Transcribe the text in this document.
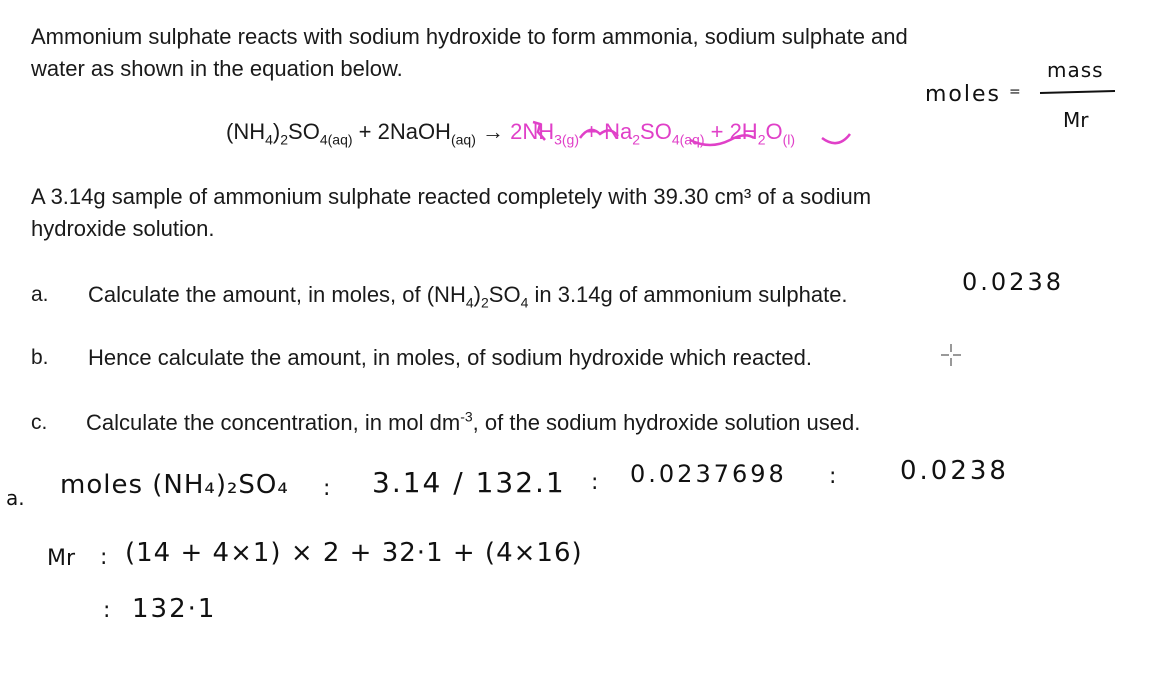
Ammonium sulphate reacts with sodium hydroxide to form ammonia, sodium sulphate and
water as shown in the equation below.
$(NH_4)_2SO_{4(aq)}$ + 2NaOH$_{(aq)}$ → $2NH_{3(g)} + Na_2SO_{4(aq)} + 2H_2O_{(l)}$
A 3.14g sample of ammonium sulphate reacted completely with 39.30 cm³ of a sodium
hydroxide solution.
a. Calculate the amount, in moles, of $(NH_4)_2SO_4$ in 3.14g of ammonium sulphate.
b. Hence calculate the amount, in moles, of sodium hydroxide which reacted.
c. Calculate the concentration, in mol $dm^{-3}$, of the sodium hydroxide solution used.
moles =
mass
Mr
0.0238
a. moles (NH₄)₂SO₄ : 3.14 / 132.1 : 0.0237698 : 0.0238
Mr : (14 + 4×1) × 2 + 32·1 + (4×16)
: 132·1
